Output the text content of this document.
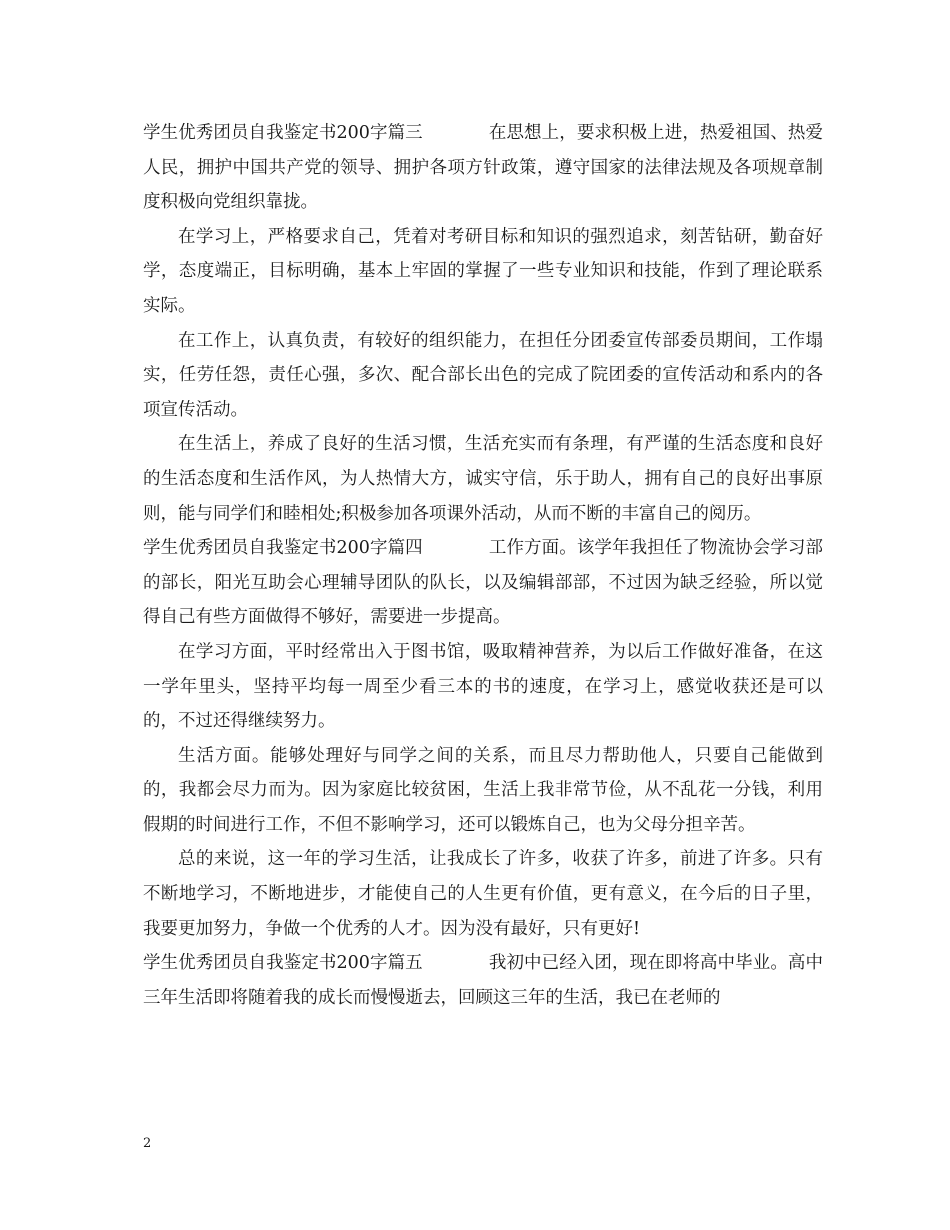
学生优秀团员自我鉴定书200字篇三	在思想上，要求积极上进，热爱祖国、热爱人民，拥护中国共产党的领导、拥护各项方针政策，遵守国家的法律法规及各项规章制度积极向党组织靠拢。

在学习上，严格要求自己，凭着对考研目标和知识的强烈追求，刻苦钻研，勤奋好学，态度端正，目标明确，基本上牢固的掌握了一些专业知识和技能，作到了理论联系实际。

在工作上，认真负责，有较好的组织能力，在担任分团委宣传部委员期间，工作塌实，任劳任怨，责任心强，多次、配合部长出色的完成了院团委的宣传活动和系内的各项宣传活动。

在生活上，养成了良好的生活习惯，生活充实而有条理，有严谨的生活态度和良好的生活态度和生活作风，为人热情大方，诚实守信，乐于助人，拥有自己的良好出事原则，能与同学们和睦相处;积极参加各项课外活动，从而不断的丰富自己的阅历。

学生优秀团员自我鉴定书200字篇四	工作方面。该学年我担任了物流协会学习部的部长，阳光互助会心理辅导团队的队长，以及编辑部部，不过因为缺乏经验，所以觉得自己有些方面做得不够好，需要进一步提高。

在学习方面，平时经常出入于图书馆，吸取精神营养，为以后工作做好准备，在这一学年里头，坚持平均每一周至少看三本的书的速度，在学习上，感觉收获还是可以的，不过还得继续努力。

生活方面。能够处理好与同学之间的关系，而且尽力帮助他人，只要自己能做到的，我都会尽力而为。因为家庭比较贫困，生活上我非常节俭，从不乱花一分钱，利用假期的时间进行工作，不但不影响学习，还可以锻炼自己，也为父母分担辛苦。

总的来说，这一年的学习生活，让我成长了许多，收获了许多，前进了许多。只有不断地学习，不断地进步，才能使自己的人生更有价值，更有意义，在今后的日子里，我要更加努力，争做一个优秀的人才。因为没有最好，只有更好!

学生优秀团员自我鉴定书200字篇五	我初中已经入团，现在即将高中毕业。高中三年生活即将随着我的成长而慢慢逝去，回顾这三年的生活，我已在老师的

2
